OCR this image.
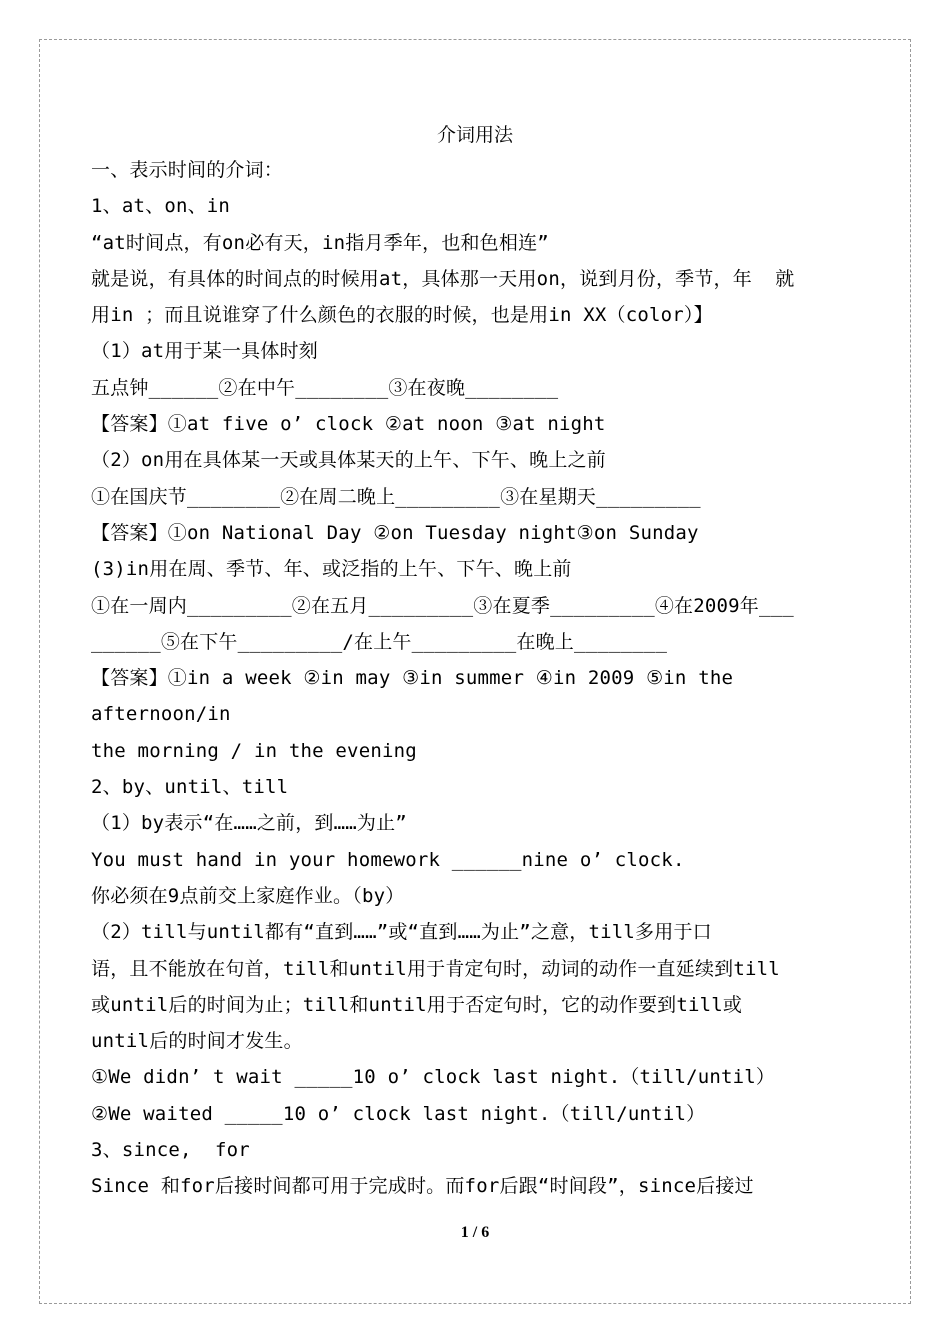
介词用法
一、表示时间的介词：
1、at、on、in
“at时间点，有on必有天，in指月季年，也和色相连”
就是说，有具体的时间点的时候用at，具体那一天用on，说到月份，季节，年  就
用in ；而且说谁穿了什么颜色的衣服的时候，也是用in XX（color）】
（1）at用于某一具体时刻
五点钟______②在中午________③在夜晚________
【答案】①at five o’ clock ②at noon ③at night
（2）on用在具体某一天或具体某天的上午、下午、晚上之前
①在国庆节________②在周二晚上_________③在星期天_________
【答案】①on National Day ②on Tuesday night③on Sunday
(3)in用在周、季节、年、或泛指的上午、下午、晚上前
①在一周内_________②在五月_________③在夏季_________④在2009年___
______⑤在下午_________/在上午_________在晚上________
【答案】①in a week ②in may ③in summer ④in 2009 ⑤in the
afternoon/in
the morning / in the evening
2、by、until、till
（1）by表示“在……之前，到……为止”
You must hand in your homework ______nine o’ clock.
你必须在9点前交上家庭作业。（by）
（2）till与until都有“直到……”或“直到……为止”之意，till多用于口
语，且不能放在句首，till和until用于肯定句时，动词的动作一直延续到till
或until后的时间为止；till和until用于否定句时，它的动作要到till或
until后的时间才发生。
①We didn’ t wait _____10 o’ clock last night.（till/until）
②We waited _____10 o’ clock last night.（till/until）
3、since,  for
Since 和for后接时间都可用于完成时。而for后跟“时间段”，since后接过
1 / 6
